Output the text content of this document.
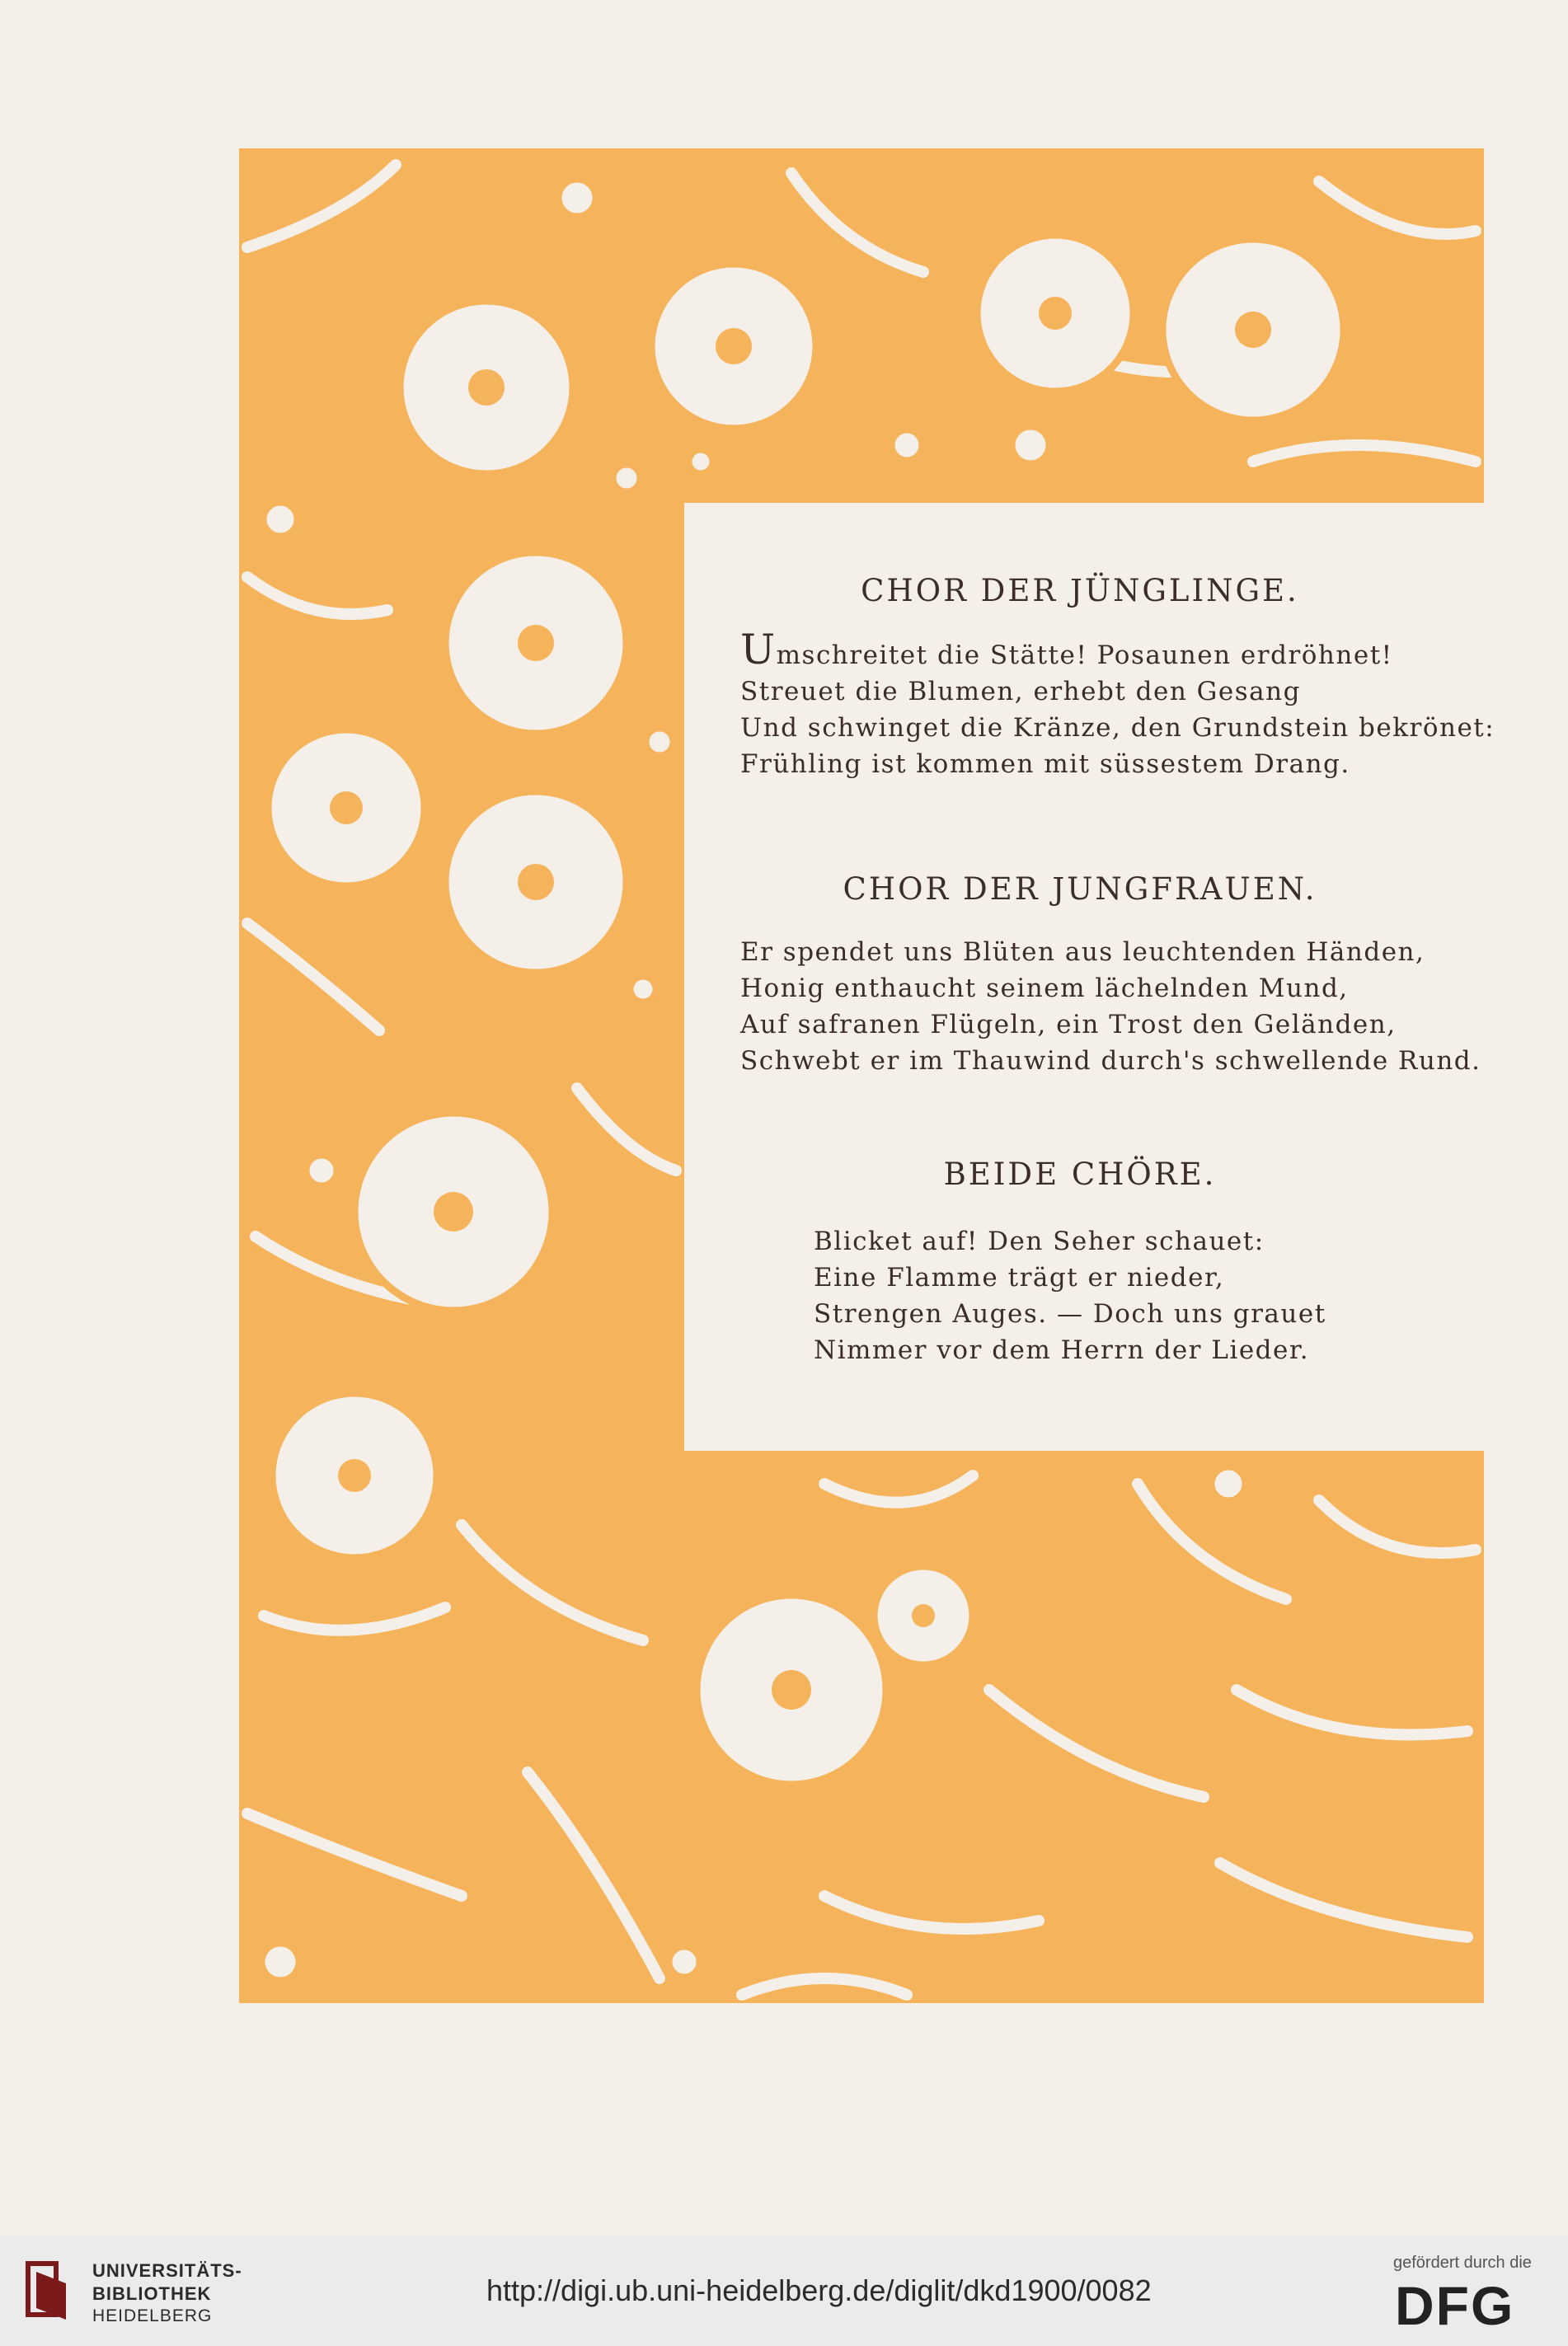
CHOR DER JÜNGLINGE.
Umschreitet die Stätte! Posaunen erdröhnet!
Streuet die Blumen, erhebt den Gesang
Und schwinget die Kränze, den Grundstein bekrönet:
Frühling ist kommen mit süssestem Drang.
CHOR DER JUNGFRAUEN.
Er spendet uns Blüten aus leuchtenden Händen,
Honig enthaucht seinem lächelnden Mund,
Auf safranen Flügeln, ein Trost den Geländen,
Schwebt er im Thauwind durch's schwellende Rund.
BEIDE CHÖRE.
Blicket auf! Den Seher schauet:
Eine Flamme trägt er nieder,
Strengen Auges. — Doch uns grauet
Nimmer vor dem Herrn der Lieder.
UNIVERSITÄTS-
BIBLIOTHEK
HEIDELBERG
http://digi.ub.uni-heidelberg.de/diglit/dkd1900/0082
gefördert durch die
DFG
